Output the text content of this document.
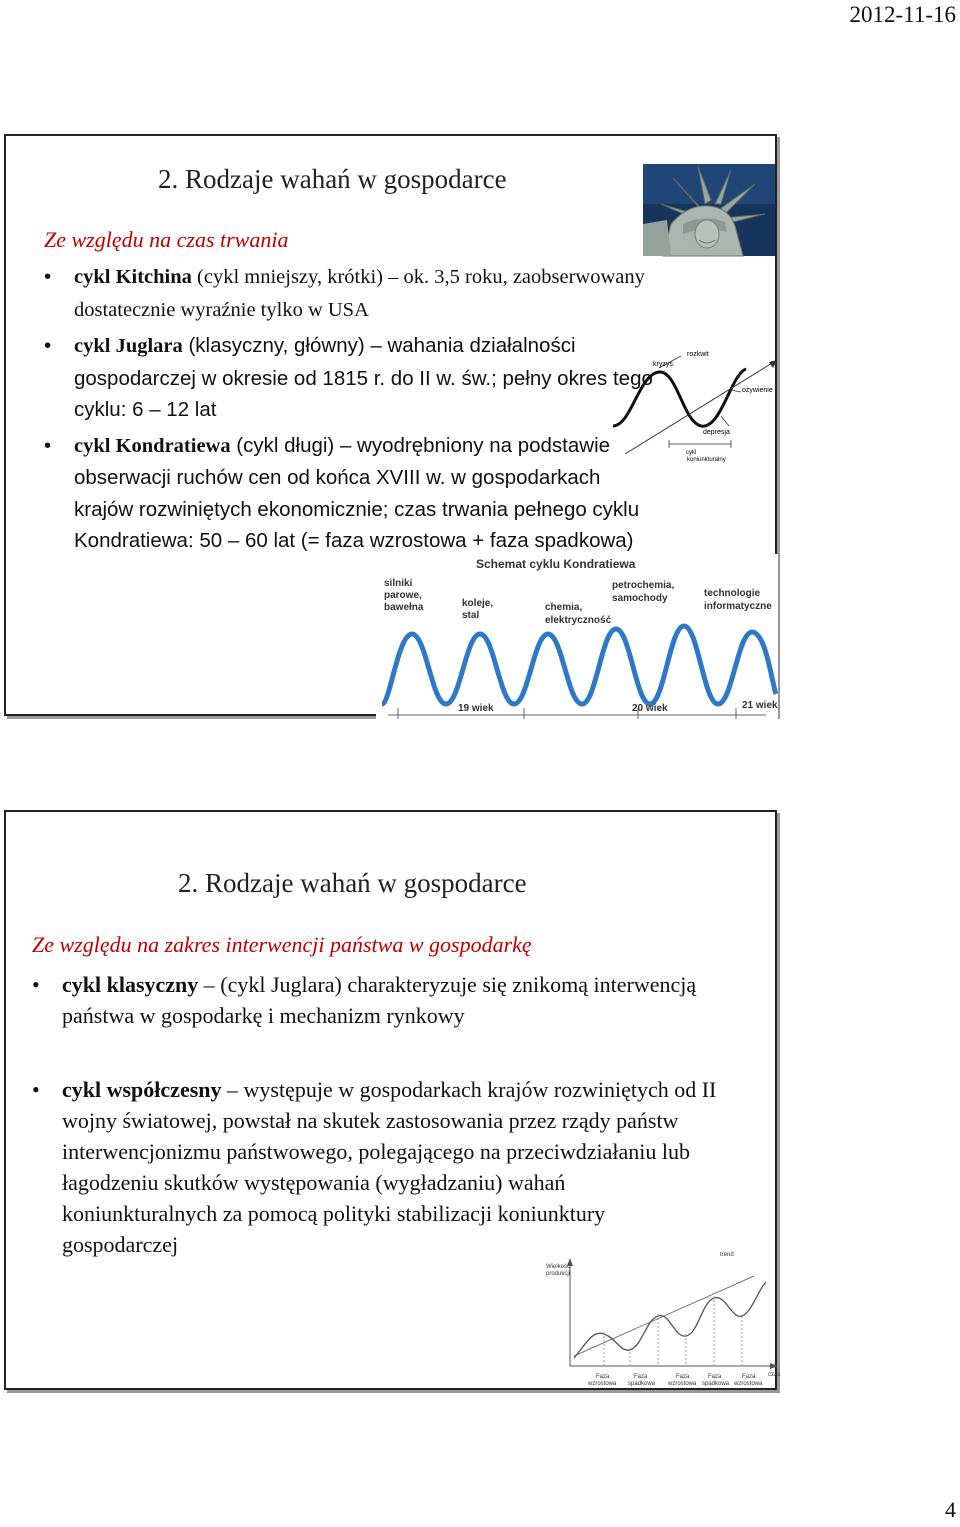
2012-11-16
2. Rodzaje wahań w gospodarce
Ze względu na czas trwania
• cykl Kitchina (cykl mniejszy, krótki) – ok. 3,5 roku, zaobserwowany dostatecznie wyraźnie tylko w USA
• cykl Juglara (klasyczny, główny) – wahania działalności gospodarczej w okresie od 1815 r. do II w. św.; pełny okres tego cyklu: 6 – 12 lat
• cykl Kondratiewa (cykl długi) – wyodrębniony na podstawie obserwacji ruchów cen od końca XVIII w. w gospodarkach krajów rozwiniętych ekonomicznie; czas trwania pełnego cyklu Kondratiewa: 50 – 60 lat (= faza wzrostowa + faza spadkowa)
rozkwit
kryzys
ożywienie
depresja
cykl
koniunkturalny
Schemat cyklu Kondratiewa
silniki
parowe,
bawełna	koleje,
stal
chemia,
elektryczność
petrochemia,
samochody	technologie
informatyczne
19 wiek	20 wiek	21 wiek
2. Rodzaje wahań w gospodarce
Ze względu na zakres interwencji państwa w gospodarkę
• cykl klasyczny – (cykl Juglara) charakteryzuje się znikomą interwencją państwa w gospodarkę i mechanizm rynkowy
• cykl współczesny – występuje w gospodarkach krajów rozwiniętych od II wojny światowej, powstał na skutek zastosowania przez rządy państw interwencjonizmu państwowego, polegającego na przeciwdziałaniu lub łagodzeniu skutków występowania (wygładzaniu) wahań koniunkturalnych za pomocą polityki stabilizacji koniunktury gospodarczej
Wielkość
produkcji
trend
czas
Faza
wzrostowa
Faza
spadkowa
Faza
wzrostowa
Faza
spadkowa
Faza
wzrostowa
4
